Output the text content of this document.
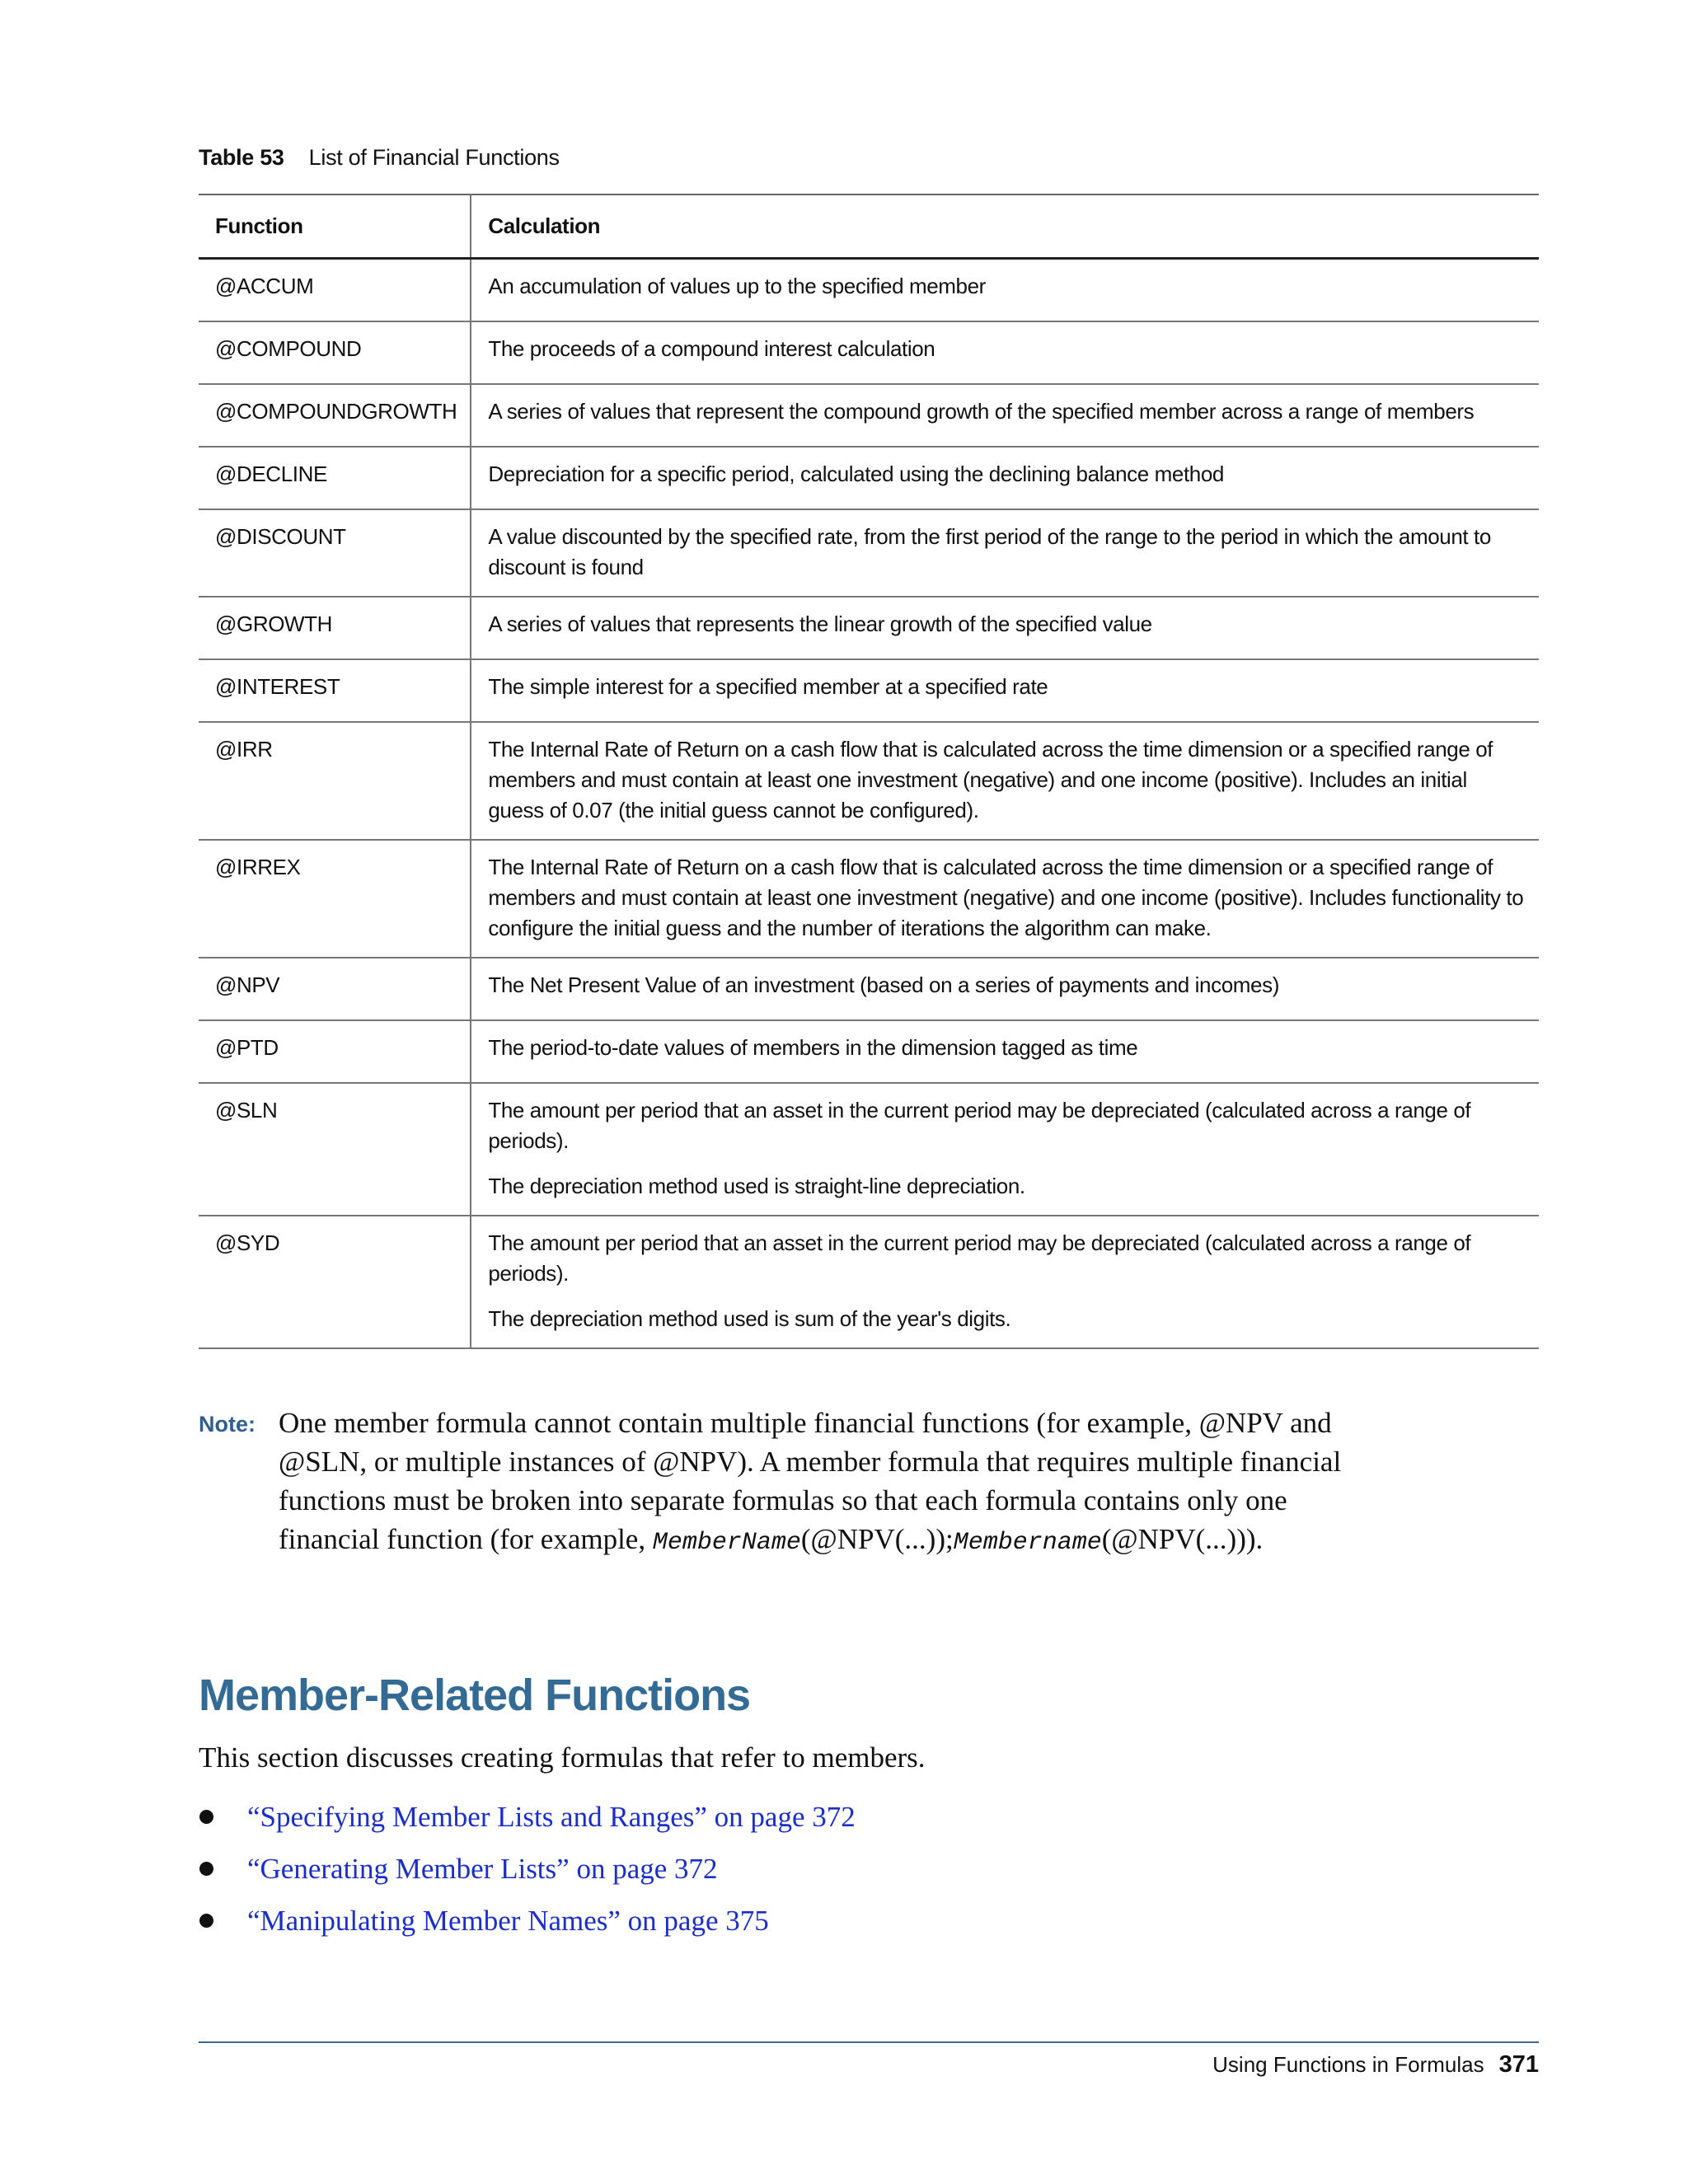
Table 53 List of Financial Functions
Function	Calculation
@ACCUM	An accumulation of values up to the specified member

@COMPOUND	The proceeds of a compound interest calculation

@COMPOUNDGROWTH	A series of values that represent the compound growth of the specified member across a range of members

@DECLINE	Depreciation for a specific period, calculated using the declining balance method

@DISCOUNT	A value discounted by the specified rate, from the first period of the range to the period in which the amount to discount is found

@GROWTH	A series of values that represents the linear growth of the specified value

@INTEREST	The simple interest for a specified member at a specified rate

@IRR	The Internal Rate of Return on a cash flow that is calculated across the time dimension or a specified range of members and must contain at least one investment (negative) and one income (positive). Includes an initial guess of 0.07 (the initial guess cannot be configured).

@IRREX	The Internal Rate of Return on a cash flow that is calculated across the time dimension or a specified range of members and must contain at least one investment (negative) and one income (positive). Includes functionality to configure the initial guess and the number of iterations the algorithm can make.

@NPV	The Net Present Value of an investment (based on a series of payments and incomes)

@PTD	The period-to-date values of members in the dimension tagged as time

@SLN	The amount per period that an asset in the current period may be depreciated (calculated across a range of periods).

The depreciation method used is straight-line depreciation.

@SYD	The amount per period that an asset in the current period may be depreciated (calculated across a range of periods).

The depreciation method used is sum of the year's digits.

Note: One member formula cannot contain multiple financial functions (for example, @NPV and @SLN, or multiple instances of @NPV). A member formula that requires multiple financial functions must be broken into separate formulas so that each formula contains only one financial function (for example, MemberName(@NPV(...));Membername(@NPV(...))).
Member-Related Functions

This section discusses creating formulas that refer to members.

“Specifying Member Lists and Ranges” on page 372
“Generating Member Lists” on page 372
“Manipulating Member Names” on page 375
Using Functions in Formulas 371
